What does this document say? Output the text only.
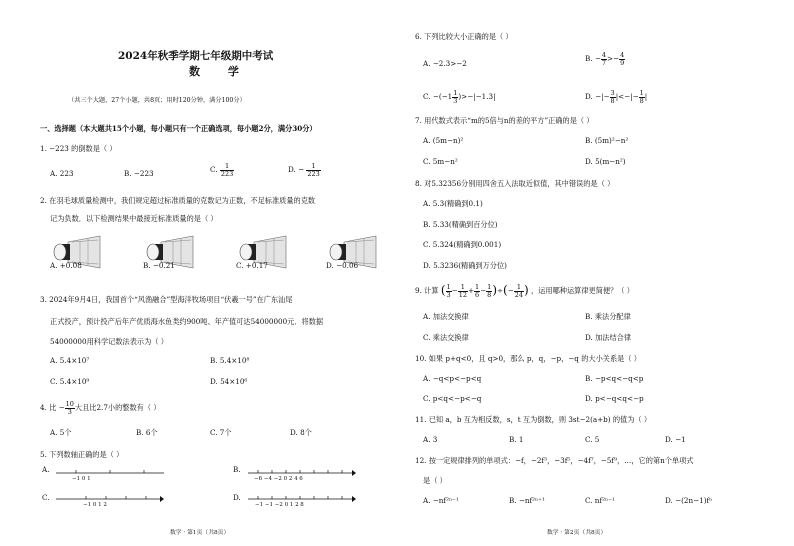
2024年秋季学期七年级期中考试
数 学
（共三个大题，27个小题，共8页；用时120分钟，满分100分）
一、选择题（本大题共15个小题，每小题只有一个正确选项，每小题2分，满分30分）
1. −223 的倒数是（ ）
A. 223	B. −223	C. $\frac{1}{223}$	D. − $\frac{1}{223}$
2. 在羽毛球质量检测中，我们规定超过标准质量的克数记为正数，不足标准质量的克数
记为负数．以下检测结果中最接近标准质量的是（ ）
A. +0.08	B. −0.21	C. +0.17	D. −0.06
3. 2024年9月4日，我国首个“风渔融合”型海洋牧场项目“伏羲一号”在广东汕尾
正式投产，预计投产后年产优质海水鱼类约900吨、年产值可达54000000元．将数据
54000000用科学记数法表示为（ ）
A. 5.4×10⁷	B. 5.4×10⁸
C. 5.4×10⁹	D. 54×10⁶
4. 比 − $\frac{10}{3}$ 大且比2.7小的整数有（ ）
A. 5个	B. 6个	C. 7个	D. 8个
5. 下列数轴正确的是（ ）
A.
−1 0 1
B.
−6 −4 −2 0 2 4 6
C.
−1 0 1 2
D.
−1 −1 −2 0 1 2 8
数学 · 第1页（共8页）
6. 下列比较大小正确的是（ ）
A. −2.3>−2
B. − $\frac{4}{7} >- \frac{4}{9}$
C. $-(-1 \frac{1}{3} )>-|-1.3|$	D. −|− $\frac{3}{8}$ |<−|− $\frac{1}{8}$ |
7. 用代数式表示“m的5倍与n的差的平方”正确的是（ ）
A. (5m−n)²	B. (5m)²−n²
C. 5m−n²	D. 5(m−n²)
8. 对5.32356分别用四舍五入法取近似值，其中错误的是（ ）
A. 5.3(精确到0.1)
B. 5.33(精确到百分位)
C. 5.324(精确到0.001)
D. 5.3236(精确到万分位)
9. 计算 ( $\frac{1}{3} - \frac{1}{12} + \frac{1}{6} - \frac{1}{8}$ )÷(− $\frac{1}{24}$ ) ，运用哪种运算律更简便？（ ）
A. 加法交换律	B. 乘法分配律
C. 乘法交换律	D. 加法结合律
10. 如果 p+q<0，且 q>0，那么 p，q，−p，−q 的大小关系是（ ）
A. −q<p<−p<q	B. −p<q<−q<p
C. p<q<−p<−q	D. p<−q<q<−p
11. 已知 a，b 互为相反数，s，t 互为倒数，则 3st−2(a+b) 的值为（ ）
A. 3	B. 1	C. 5	D. −1
12. 按一定规律排列的单项式：−f，−2f³，−3f⁵，−4f⁷，−5f⁹，…，它的第n个单项式
是（ ）
A. −nf²ⁿ⁻¹	B. −nf²ⁿ⁺¹	C. nf²ⁿ⁻¹	D. −(2n−1)fⁿ
数学 · 第2页（共8页）
